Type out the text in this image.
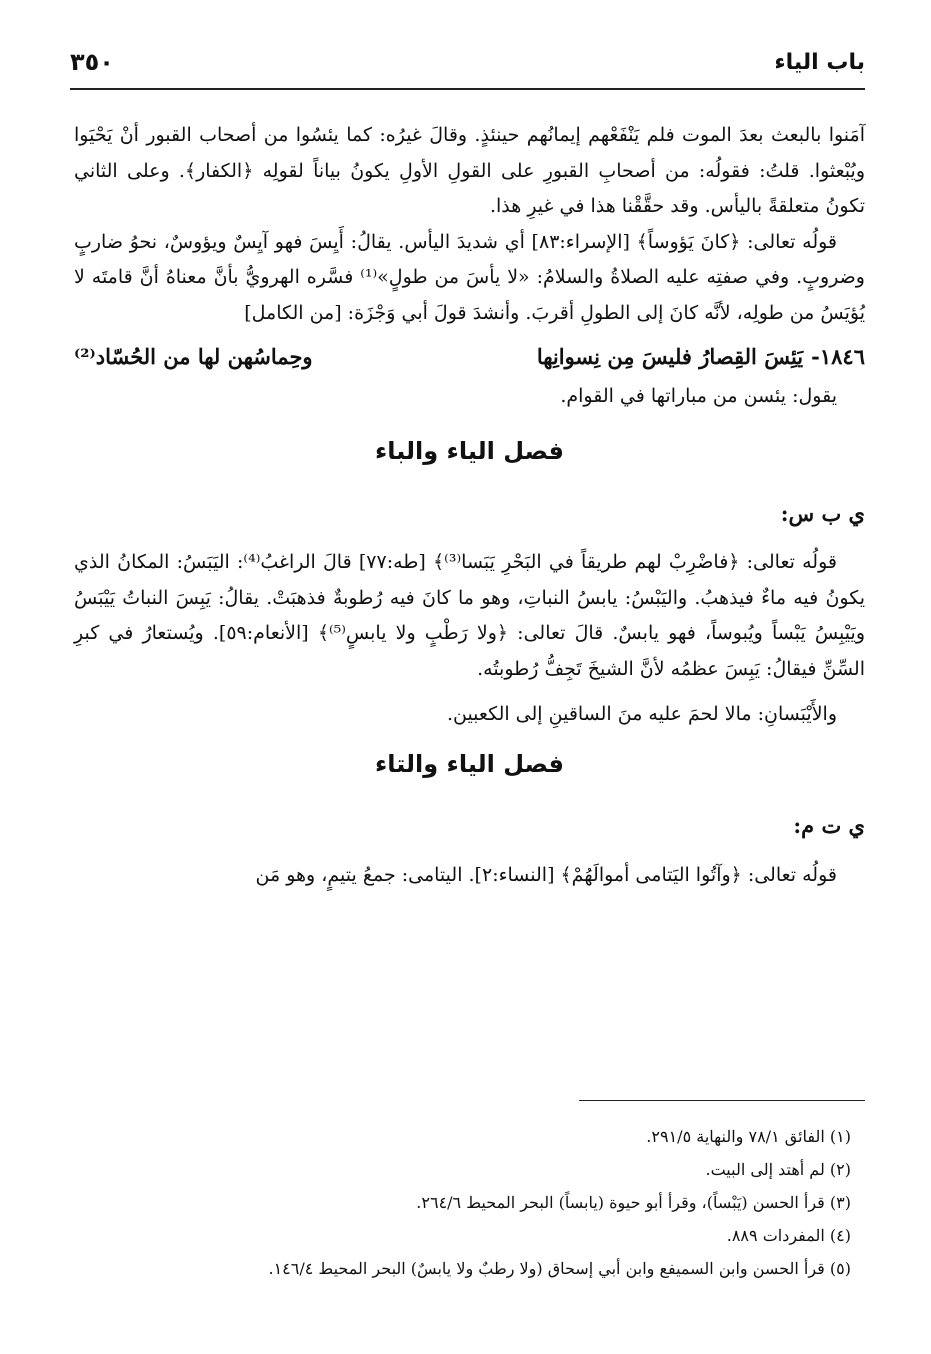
باب الياء
٣٥٠

آمَنوا بالبعث بعدَ الموت فلم يَنْفَعْهم إيمانُهم حينئذٍ. وقالَ غيرُه: كما يئسُوا من أصحاب القبور أنْ يَحْيَوا ويُبْعثوا. قلتُ: فقولُه: من أصحابِ القبورِ على القولِ الأولِ يكونُ بياناً لقولِه ﴿الكفار﴾. وعلى الثاني تكونُ متعلقةً باليأس. وقد حقَّقْنا هذا في غيرِ هذا.

قولُه تعالى: ﴿كانَ يَؤوساً﴾ [الإسراء:٨٣] أي شديدَ اليأس. يقالُ: أَيِسَ فهو آيِسٌ ويؤوسٌ، نحوُ ضاربٍ وضروبٍ. وفي صفتِه عليه الصلاةُ والسلامُ: «لا يأسَ من طولٍ»⁽¹⁾ فسَّره الهرويُّ بأنَّ معناهُ أنَّ قامتَه لا يُؤيَسُ من طولِه، لأنَّه كانَ إلى الطولِ أقربَ. وأنشدَ قولَ أبي وَجْزَة: [من الكامل]

١٨٤٦-يَئِسَ القِصارُ فليسَ مِن نِسوانِها
وحِماسُهن لها من الحُسّاد⁽²⁾

يقول: يئسن من مباراتها في القوام.

فصل الياء والباء
ي ب س:

قولُه تعالى: ﴿فاضْرِبْ لهم طريقاً في البَحْرِ يَبَسا⁽³⁾﴾ [طه:٧٧] قالَ الراغبُ⁽⁴⁾: اليَبَسُ: المكانُ الذي يكونُ فيه ماءٌ فيذهبُ. واليَبْسُ: يابسُ النباتِ، وهو ما كانَ فيه رُطوبةٌ فذهبَتْ. يقالُ: يَبِسَ النباتُ يَيْبَسُ ويَيْبِسُ يَبْساً ويُبوساً، فهو يابسٌ. قالَ تعالى: ﴿ولا رَطْبٍ ولا يابسٍ⁽⁵⁾﴾ [الأنعام:٥٩]. ويُستعارُ في كبرِ السِّنِّ فيقالُ: يَبِسَ عظمُه لأنَّ الشيخَ تَجِفُّ رُطوبتُه.

والأَيْبَسانِ: مالا لحمَ عليه منَ الساقينِ إلى الكعبين.

فصل الياء والتاء
ي ت م:

قولُه تعالى: ﴿وآتُوا اليَتامى أموالَهُمْ﴾ [النساء:٢]. اليتامى: جمعُ يتيمٍ، وهو مَن

(١) الفائق ٧٨/١ والنهاية ٢٩١/٥.
(٢) لم أهتد إلى البيت.
(٣) قرأ الحسن (يَبْساً)، وقرأ أبو حيوة (يابساً) البحر المحيط ٢٦٤/٦.
(٤) المفردات ٨٨٩.
(٥) قرأ الحسن وابن السميفع وابن أبي إسحاق (ولا رطبٌ ولا يابسٌ) البحر المحيط ١٤٦/٤.
